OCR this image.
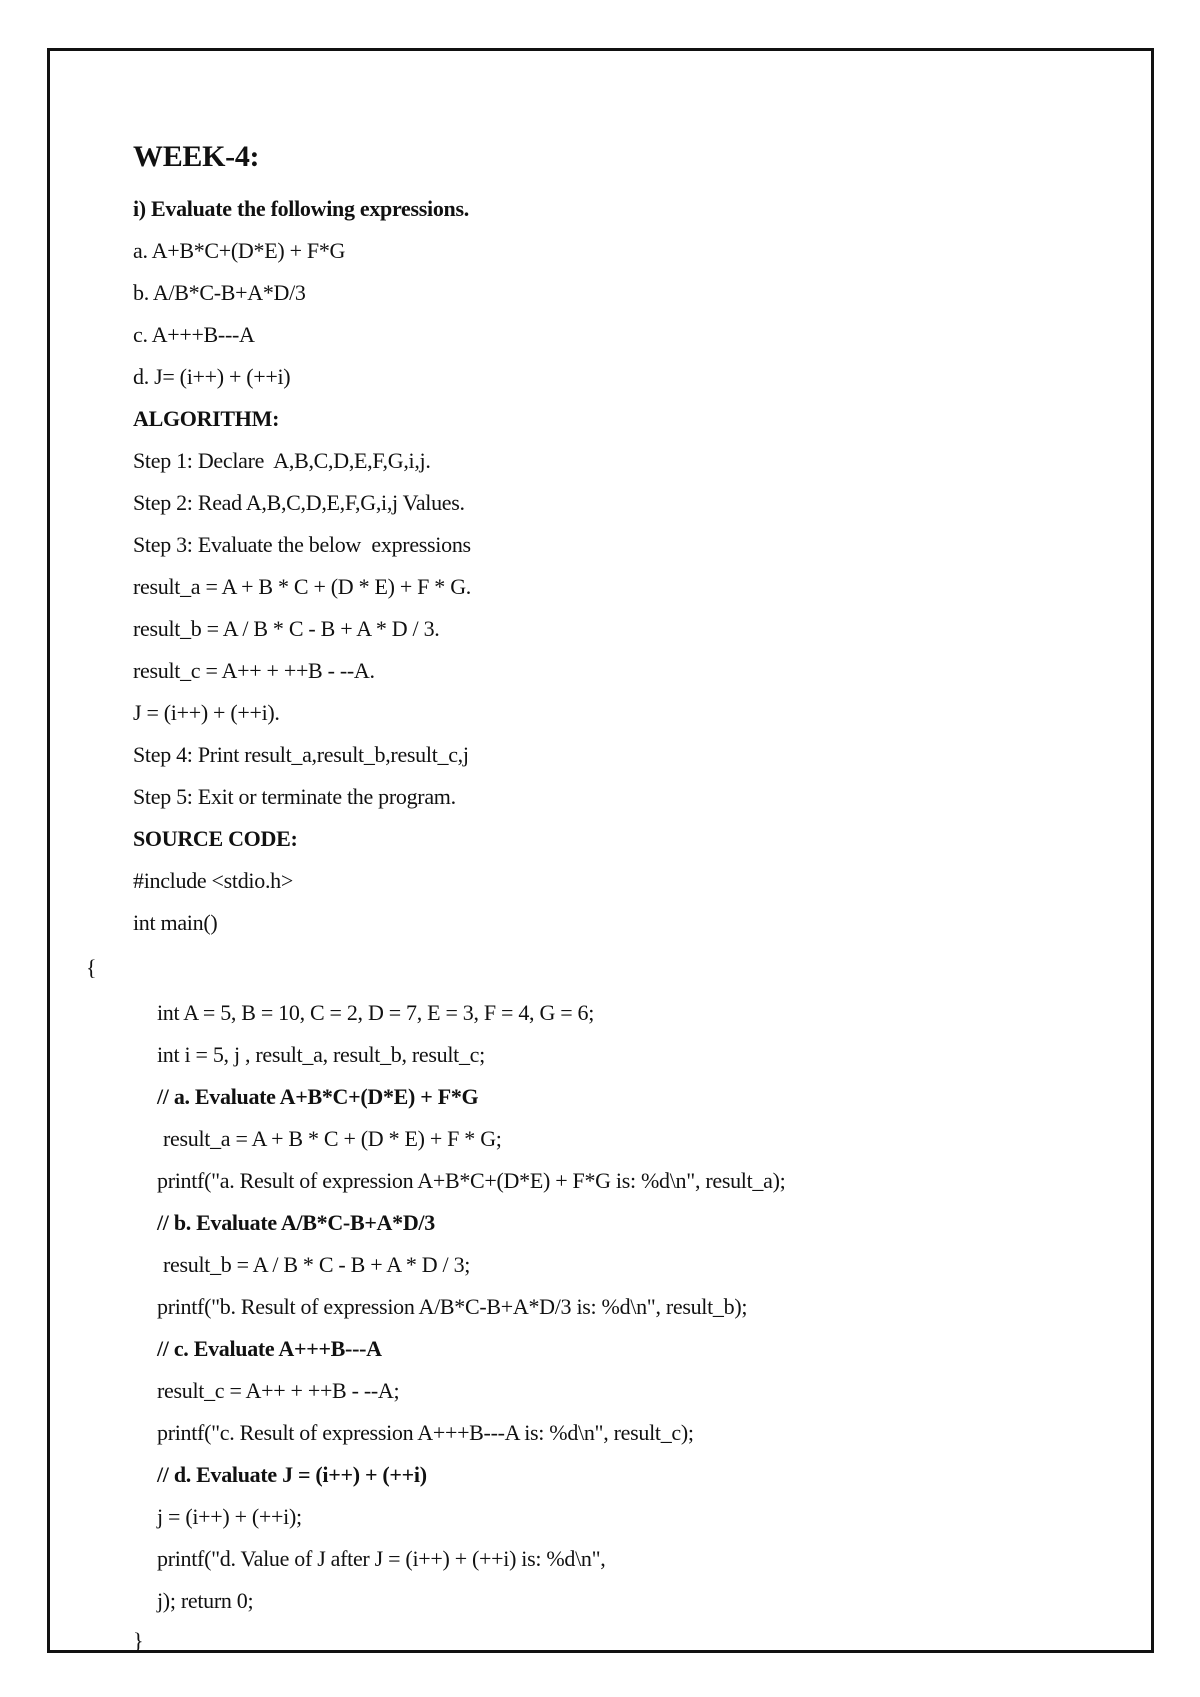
WEEK-4:
i) Evaluate the following expressions.
a. A+B*C+(D*E) + F*G
b. A/B*C-B+A*D/3
c. A+++B---A
d. J= (i++) + (++i)
ALGORITHM:
Step 1: Declare  A,B,C,D,E,F,G,i,j.
Step 2: Read A,B,C,D,E,F,G,i,j Values.
Step 3: Evaluate the below  expressions
result_a = A + B * C + (D * E) + F * G.
result_b = A / B * C - B + A * D / 3.
result_c = A++ + ++B - --A.
J = (i++) + (++i).
Step 4: Print result_a,result_b,result_c,j
Step 5: Exit or terminate the program.
SOURCE CODE:
#include <stdio.h>
int main()
{
int A = 5, B = 10, C = 2, D = 7, E = 3, F = 4, G = 6;
int i = 5, j , result_a, result_b, result_c;
// a. Evaluate A+B*C+(D*E) + F*G
result_a = A + B * C + (D * E) + F * G;
printf("a. Result of expression A+B*C+(D*E) + F*G is: %d\n", result_a);
// b. Evaluate A/B*C-B+A*D/3
result_b = A / B * C - B + A * D / 3;
printf("b. Result of expression A/B*C-B+A*D/3 is: %d\n", result_b);
// c. Evaluate A+++B---A
result_c = A++ + ++B - --A;
printf("c. Result of expression A+++B---A is: %d\n", result_c);
// d. Evaluate J = (i++) + (++i)
j = (i++) + (++i);
printf("d. Value of J after J = (i++) + (++i) is: %d\n",
j); return 0;
}
